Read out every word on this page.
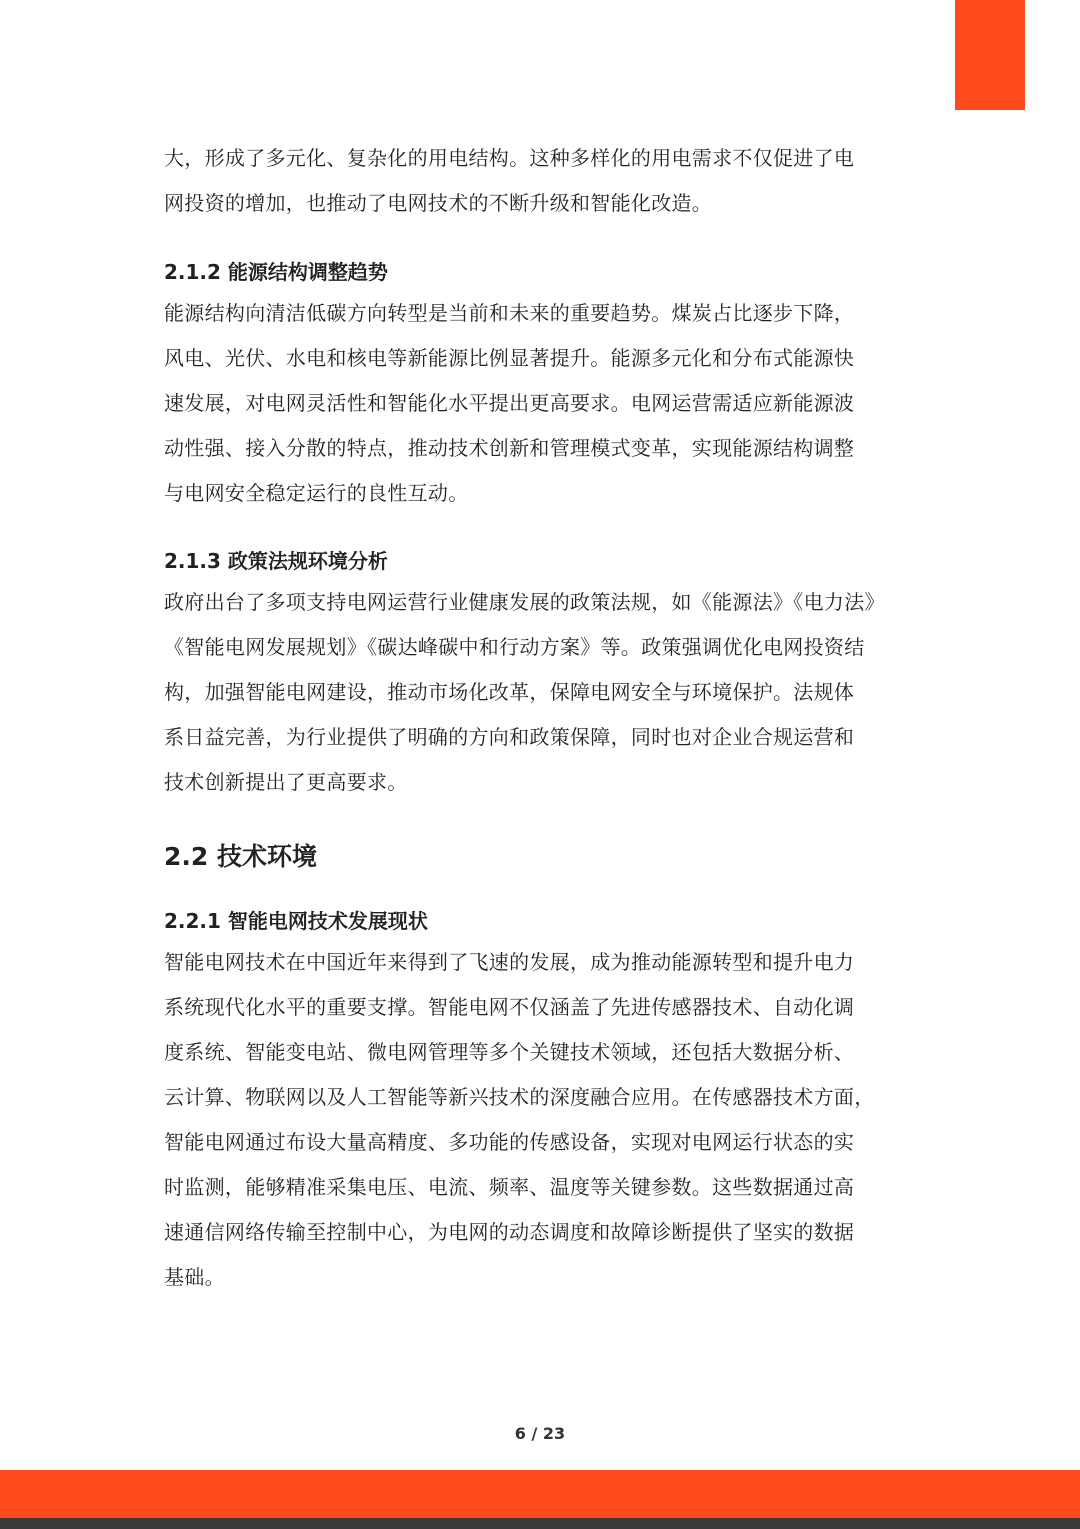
大，形成了多元化、复杂化的用电结构。这种多样化的用电需求不仅促进了电
网投资的增加，也推动了电网技术的不断升级和智能化改造。

2.1.2 能源结构调整趋势

能源结构向清洁低碳方向转型是当前和未来的重要趋势。煤炭占比逐步下降，
风电、光伏、水电和核电等新能源比例显著提升。能源多元化和分布式能源快
速发展，对电网灵活性和智能化水平提出更高要求。电网运营需适应新能源波
动性强、接入分散的特点，推动技术创新和管理模式变革，实现能源结构调整
与电网安全稳定运行的良性互动。

2.1.3 政策法规环境分析

政府出台了多项支持电网运营行业健康发展的政策法规，如《能源法》《电力法》
《智能电网发展规划》《碳达峰碳中和行动方案》等。政策强调优化电网投资结
构，加强智能电网建设，推动市场化改革，保障电网安全与环境保护。法规体
系日益完善，为行业提供了明确的方向和政策保障，同时也对企业合规运营和
技术创新提出了更高要求。

2.2 技术环境
2.2.1 智能电网技术发展现状

智能电网技术在中国近年来得到了飞速的发展，成为推动能源转型和提升电力
系统现代化水平的重要支撑。智能电网不仅涵盖了先进传感器技术、自动化调
度系统、智能变电站、微电网管理等多个关键技术领域，还包括大数据分析、
云计算、物联网以及人工智能等新兴技术的深度融合应用。在传感器技术方面，
智能电网通过布设大量高精度、多功能的传感设备，实现对电网运行状态的实
时监测，能够精准采集电压、电流、频率、温度等关键参数。这些数据通过高
速通信网络传输至控制中心，为电网的动态调度和故障诊断提供了坚实的数据
基础。

6 / 23
